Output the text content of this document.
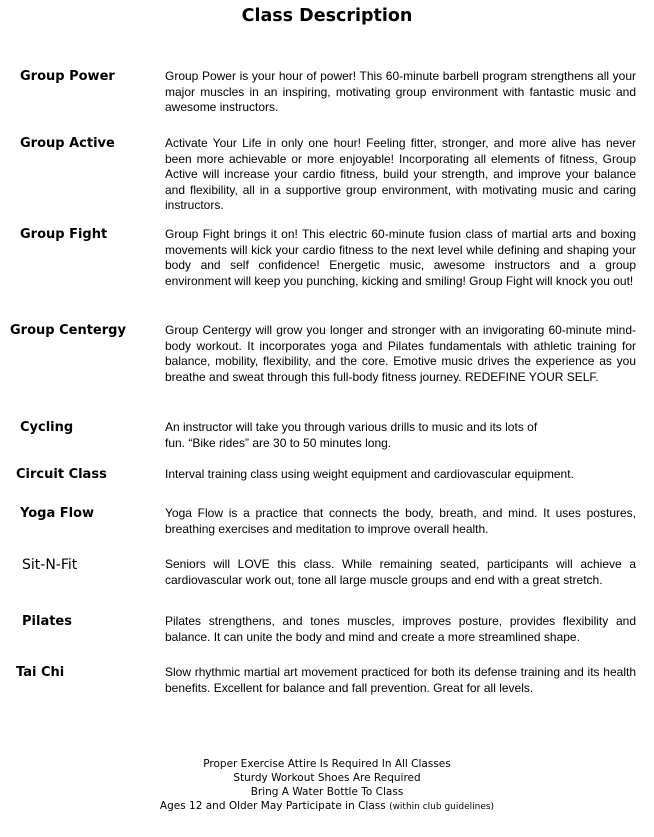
Class Description
Group Power	Group Power is your hour of power! This 60-minute barbell program strengthens all your major muscles in an inspiring, motivating group environment with fantastic music and awesome instructors.

Group Active	Activate Your Life in only one hour! Feeling fitter, stronger, and more alive has never been more achievable or more enjoyable! Incorporating all elements of fitness, Group Active will increase your cardio fitness, build your strength, and improve your balance and flexibility, all in a supportive group environment, with motivating music and caring instructors.

Group Fight	Group Fight brings it on! This electric 60-minute fusion class of martial arts and boxing movements will kick your cardio fitness to the next level while defining and shaping your body and self confidence! Energetic music, awesome instructors and a group environment will keep you punching, kicking and smiling! Group Fight will knock you out!

Group Centergy	Group Centergy will grow you longer and stronger with an invigorating 60-minute mind-body workout. It incorporates yoga and Pilates fundamentals with athletic training for balance, mobility, flexibility, and the core. Emotive music drives the experience as you breathe and sweat through this full-body fitness journey. REDEFINE YOUR SELF.

Cycling	An instructor will take you through various drills to music and its lots of
fun. “Bike rides” are 30 to 50 minutes long.
Circuit Class	Interval training class using weight equipment and cardiovascular equipment.

Yoga Flow	Yoga Flow is a practice that connects the body, breath, and mind. It uses postures, breathing exercises and meditation to improve overall health.

Sit-N-Fit	Seniors will LOVE this class. While remaining seated, participants will achieve a cardiovascular work out, tone all large muscle groups and end with a great stretch.

Pilates	Pilates strengthens, and tones muscles, improves posture, provides flexibility and balance. It can unite the body and mind and create a more streamlined shape.

Tai Chi	Slow rhythmic martial art movement practiced for both its defense training and its health benefits. Excellent for balance and fall prevention. Great for all levels.

Proper Exercise Attire Is Required In All Classes
Sturdy Workout Shoes Are Required
Bring A Water Bottle To Class
Ages 12 and Older May Participate in Class (within club guidelines)
